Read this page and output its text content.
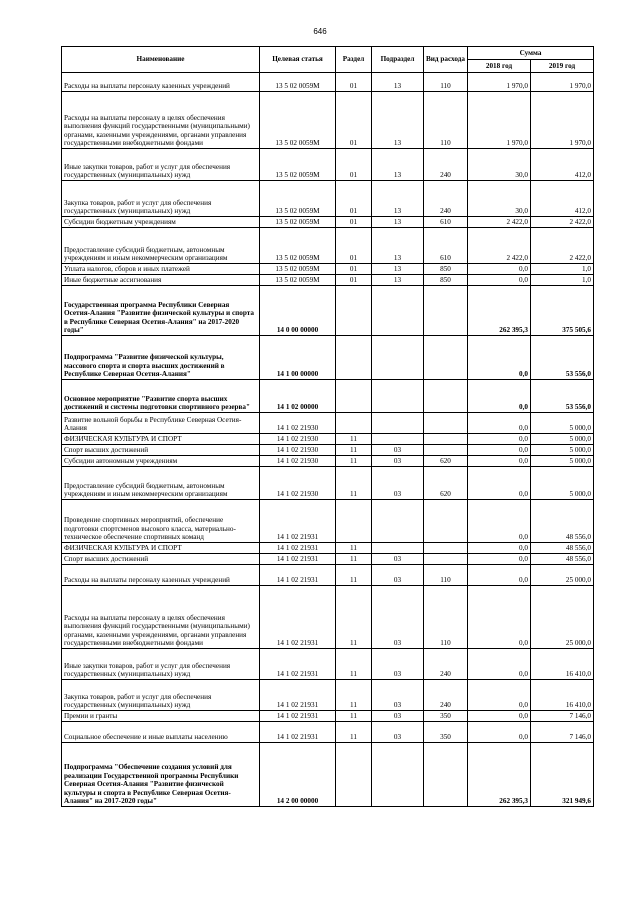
646
Наименование	Целевая статья	Раздел	Подраздел	Вид расхода	Сумма	
					2018 год	2019 год
Расходы на выплаты персоналу казенных учреждений	13 5 02 0059M	01	13	110	1 970,0	1 970,0
Расходы на выплаты персоналу в целях обеспечения выполнения функций государственными (муниципальными) органами, казенными учреждениями, органами управления государственными внебюджетными фондами	13 5 02 0059M	01	13	110	1 970,0	1 970,0
Иные закупки товаров, работ и услуг для обеспечения государственных (муниципальных) нужд	13 5 02 0059M	01	13	240	30,0	412,0
Закупка товаров, работ и услуг для обеспечения государственных (муниципальных) нужд	13 5 02 0059M	01	13	240	30,0	412,0
Субсидии бюджетным учреждениям	13 5 02 0059M	01	13	610	2 422,0	2 422,0
Предоставление субсидий бюджетным, автономным учреждениям и иным некоммерческим организациям	13 5 02 0059M	01	13	610	2 422,0	2 422,0
Уплата налогов, сборов и иных платежей	13 5 02 0059M	01	13	850	0,0	1,0
Иные бюджетные ассигнования	13 5 02 0059M	01	13	850	0,0	1,0
Государственная программа Республики Северная Осетия-Алания "Развитие физической культуры и спорта в Республике Северная Осетия-Алания" на 2017-2020 годы"	14 0 00 00000				262 395,3	375 505,6
Подпрограмма "Развитие физической культуры, массового спорта и спорта высших достижений в Республике Северная Осетия-Алания"	14 1 00 00000				0,0	53 556,0
Основное мероприятие "Развитие спорта высших достижений и системы подготовки спортивного резерва"	14 1 02 00000				0,0	53 556,0
Развитие вольной борьбы в Республике Северная Осетия-Алания	14 1 02 21930				0,0	5 000,0
ФИЗИЧЕСКАЯ КУЛЬТУРА И СПОРТ	14 1 02 21930	11			0,0	5 000,0
Спорт высших достижений	14 1 02 21930	11	03		0,0	5 000,0
Субсидии автономным учреждениям	14 1 02 21930	11	03	620	0,0	5 000,0
Предоставление субсидий бюджетным, автономным учреждениям и иным некоммерческим организациям	14 1 02 21930	11	03	620	0,0	5 000,0
Проведение спортивных мероприятий, обеспечение подготовки спортсменов высокого класса, материально-техническое обеспечение спортивных команд	14 1 02 21931				0,0	48 556,0
ФИЗИЧЕСКАЯ КУЛЬТУРА И СПОРТ	14 1 02 21931	11			0,0	48 556,0
Спорт высших достижений	14 1 02 21931	11	03		0,0	48 556,0
Расходы на выплаты персоналу казенных учреждений	14 1 02 21931	11	03	110	0,0	25 000,0
Расходы на выплаты персоналу в целях обеспечения выполнения функций государственными (муниципальными) органами, казенными учреждениями, органами управления государственными внебюджетными фондами	14 1 02 21931	11	03	110	0,0	25 000,0
Иные закупки товаров, работ и услуг для обеспечения государственных (муниципальных) нужд	14 1 02 21931	11	03	240	0,0	16 410,0
Закупка товаров, работ и услуг для обеспечения государственных (муниципальных) нужд	14 1 02 21931	11	03	240	0,0	16 410,0
Премии и гранты	14 1 02 21931	11	03	350	0,0	7 146,0
Социальное обеспечение и иные выплаты населению	14 1 02 21931	11	03	350	0,0	7 146,0
Подпрограмма "Обеспечение создания условий для реализации Государственной программы Республики Северная Осетия-Алания "Развитие физической культуры и спорта в Республике Северная Осетия-Алания" на 2017-2020 годы"	14 2 00 00000				262 395,3	321 949,6
